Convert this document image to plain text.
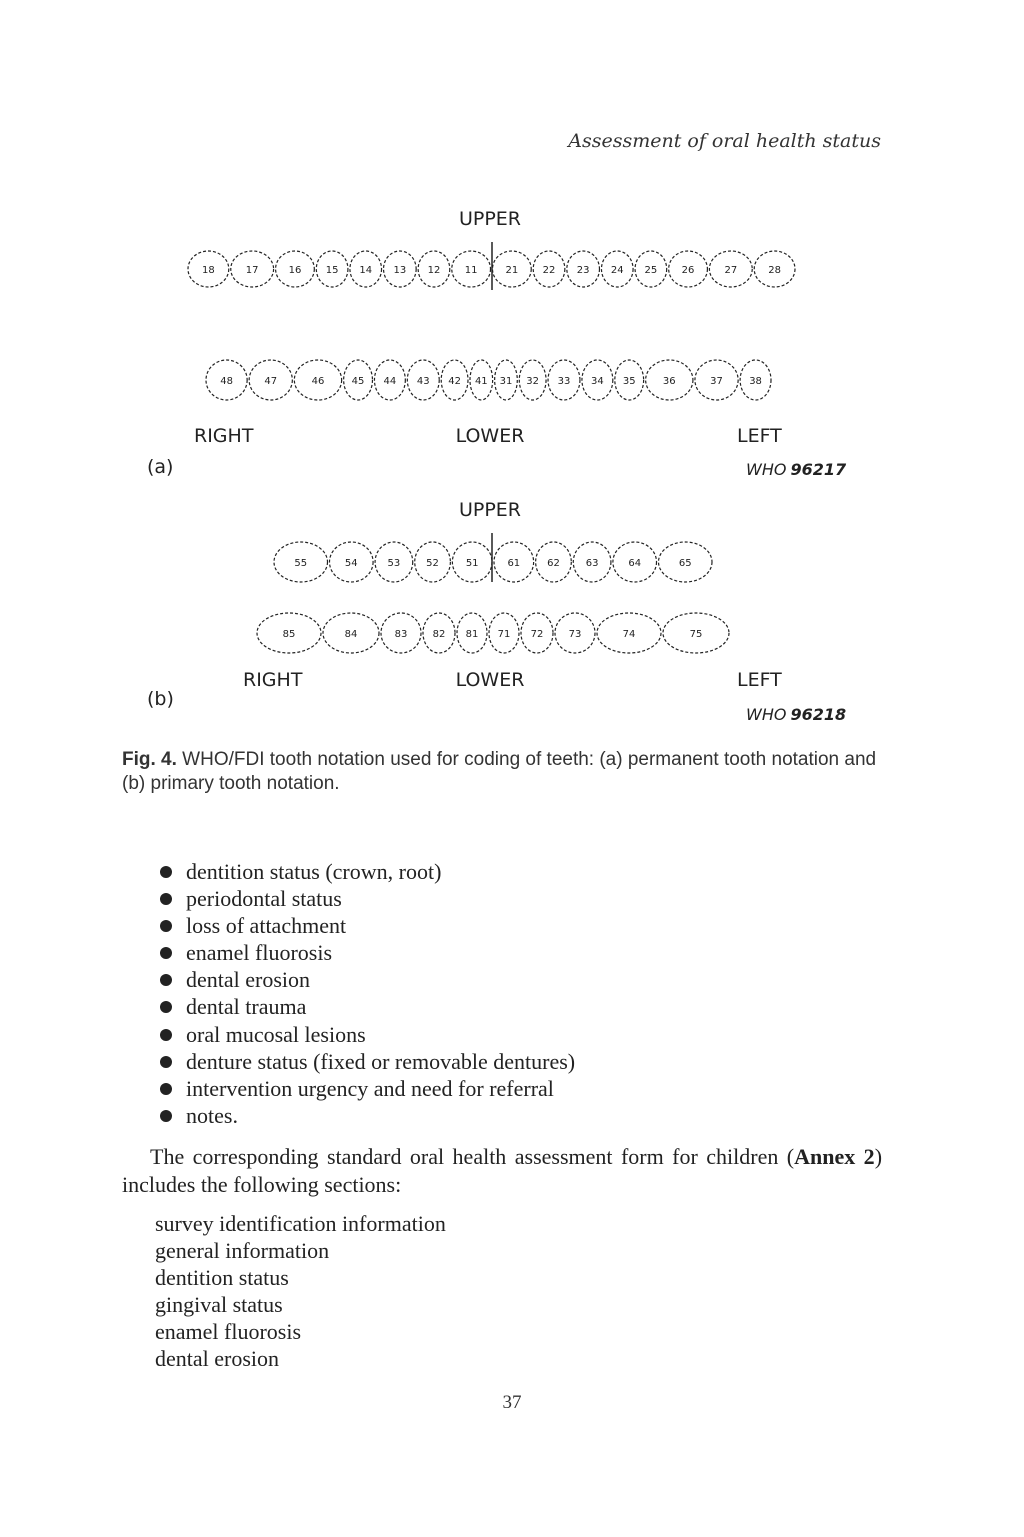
Assessment of oral health status
UPPER
18	17	16 15 14 13 12 11	21 22 23 24 25 26	27	28
48	47	46	45 44 43 42 41 31 32 33 34 35	36	37	38
RIGHT	LOWER	LEFT
(a)	WHO 96217
UPPER
55	54	53	52	51	61	62	63	64	65
85	84	83	82 81 71 72	73	74	75
RIGHT	LOWER	LEFT
(b)
WHO 96218
Fig. 4. WHO/FDI tooth notation used for coding of teeth: (a) permanent tooth notation and (b) primary tooth notation.
dentition status (crown, root)
periodontal status
loss of attachment
enamel fluorosis
dental erosion
dental trauma
oral mucosal lesions
denture status (fixed or removable dentures)
intervention urgency and need for referral
notes.
The corresponding standard oral health assessment form for children (Annex 2) includes the following sections:
survey identification information
general information
dentition status
gingival status
enamel fluorosis
dental erosion
37
